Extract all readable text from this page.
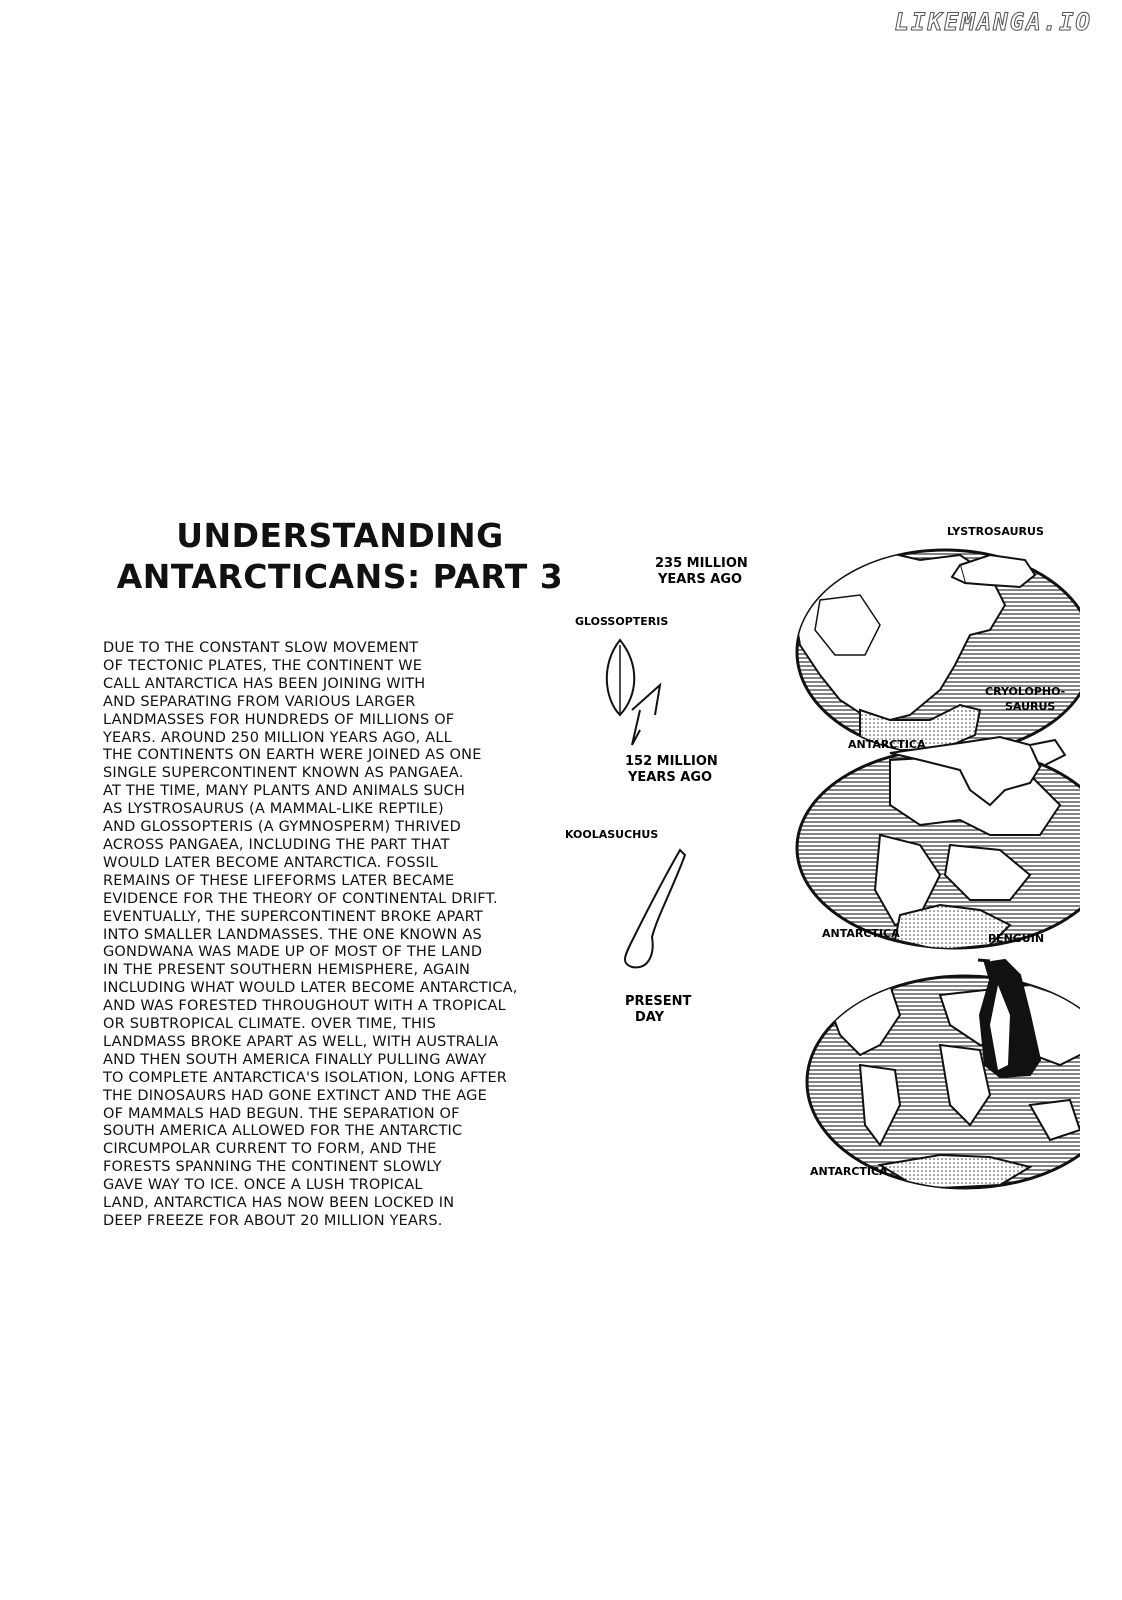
LIKEMANGA.IO
UNDERSTANDING
ANTARCTICANS: PART 3
DUE TO THE CONSTANT SLOW MOVEMENT
OF TECTONIC PLATES, THE CONTINENT WE
CALL ANTARCTICA HAS BEEN JOINING WITH
AND SEPARATING FROM VARIOUS LARGER
LANDMASSES FOR HUNDREDS OF MILLIONS OF
YEARS. AROUND 250 MILLION YEARS AGO, ALL
THE CONTINENTS ON EARTH WERE JOINED AS ONE
SINGLE SUPERCONTINENT KNOWN AS PANGAEA.
AT THE TIME, MANY PLANTS AND ANIMALS SUCH
AS LYSTROSAURUS (A MAMMAL-LIKE REPTILE)
AND GLOSSOPTERIS (A GYMNOSPERM) THRIVED
ACROSS PANGAEA, INCLUDING THE PART THAT
WOULD LATER BECOME ANTARCTICA. FOSSIL
REMAINS OF THESE LIFEFORMS LATER BECAME
EVIDENCE FOR THE THEORY OF CONTINENTAL DRIFT.
EVENTUALLY, THE SUPERCONTINENT BROKE APART
INTO SMALLER LANDMASSES. THE ONE KNOWN AS
GONDWANA WAS MADE UP OF MOST OF THE LAND
IN THE PRESENT SOUTHERN HEMISPHERE, AGAIN
INCLUDING WHAT WOULD LATER BECOME ANTARCTICA,
AND WAS FORESTED THROUGHOUT WITH A TROPICAL
OR SUBTROPICAL CLIMATE. OVER TIME, THIS
LANDMASS BROKE APART AS WELL, WITH AUSTRALIA
AND THEN SOUTH AMERICA FINALLY PULLING AWAY
TO COMPLETE ANTARCTICA'S ISOLATION, LONG AFTER
THE DINOSAURS HAD GONE EXTINCT AND THE AGE
OF MAMMALS HAD BEGUN. THE SEPARATION OF
SOUTH AMERICA ALLOWED FOR THE ANTARCTIC
CIRCUMPOLAR CURRENT TO FORM, AND THE
FORESTS SPANNING THE CONTINENT SLOWLY
GAVE WAY TO ICE. ONCE A LUSH TROPICAL
LAND, ANTARCTICA HAS NOW BEEN LOCKED IN
DEEP FREEZE FOR ABOUT 20 MILLION YEARS.
235 MILLION
YEARS AGO
ANTARCTICA
152 MILLION
YEARS AGO
ANTARCTICA
PRESENT
DAY
ANTARCTICA
LYSTROSAURUS
GLOSSOPTERIS
CRYOLOPHO-
SAURUS
KOOLASUCHUS
PENGUIN
